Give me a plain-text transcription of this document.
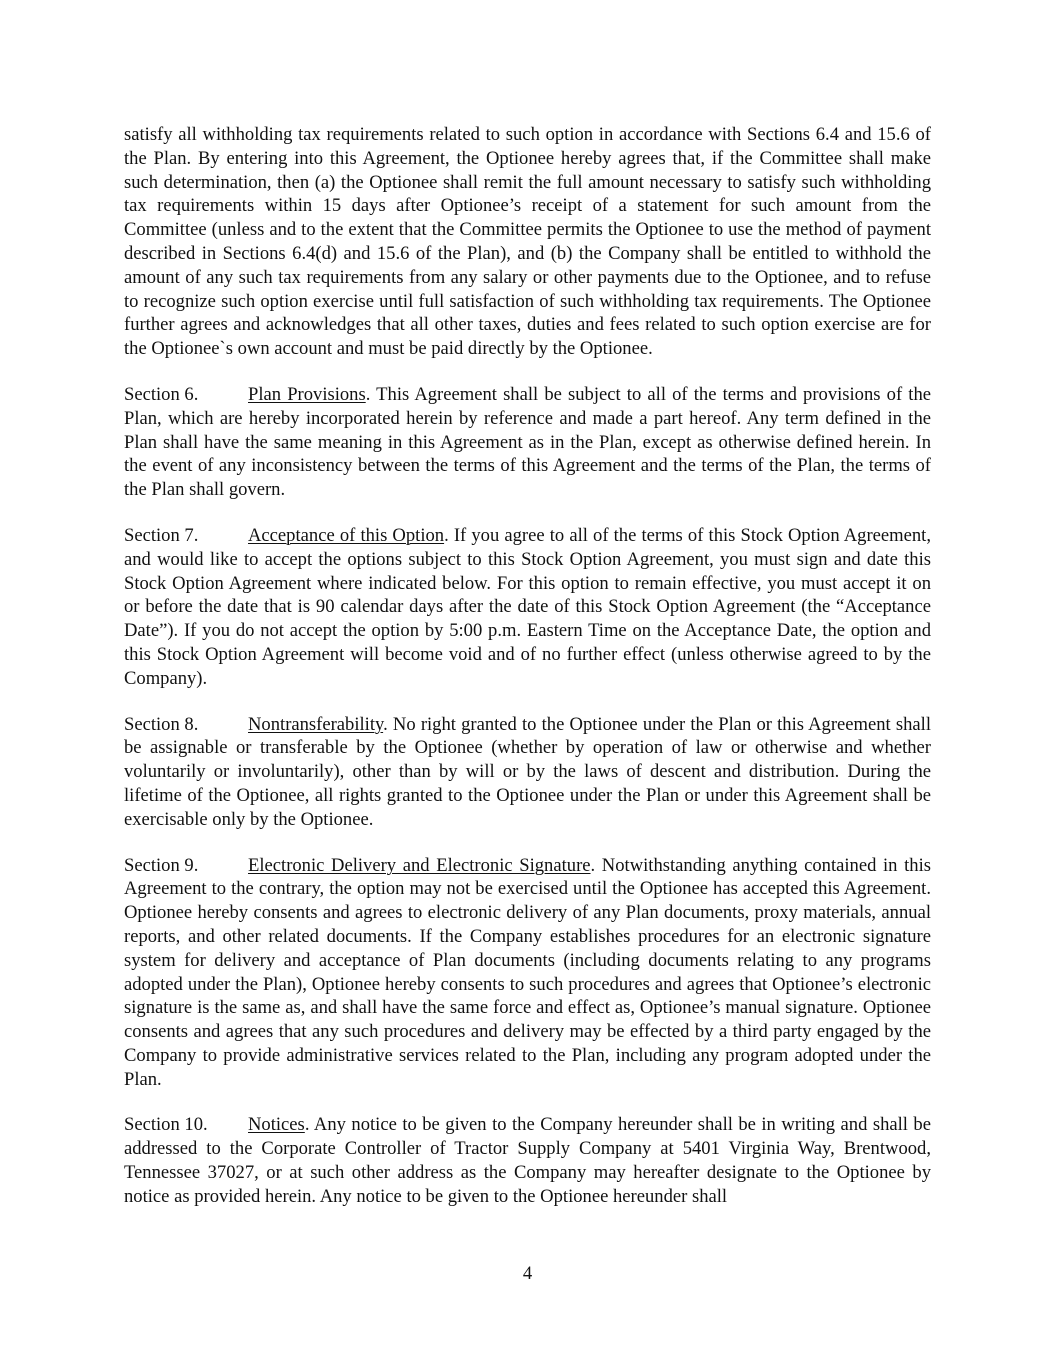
satisfy all withholding tax requirements related to such option in accordance with Sections 6.4 and 15.6 of the Plan. By entering into this Agreement, the Optionee hereby agrees that, if the Committee shall make such determination, then (a) the Optionee shall remit the full amount necessary to satisfy such withholding tax requirements within 15 days after Optionee’s receipt of a statement for such amount from the Committee (unless and to the extent that the Committee permits the Optionee to use the method of payment described in Sections 6.4(d) and 15.6 of the Plan), and (b) the Company shall be entitled to withhold the amount of any such tax requirements from any salary or other payments due to the Optionee, and to refuse to recognize such option exercise until full satisfaction of such withholding tax requirements. The Optionee further agrees and acknowledges that all other taxes, duties and fees related to such option exercise are for the Optionee`s own account and must be paid directly by the Optionee.

Section 6.	Plan Provisions. This Agreement shall be subject to all of the terms and provisions of the Plan, which are hereby incorporated herein by reference and made a part hereof. Any term defined in the Plan shall have the same meaning in this Agreement as in the Plan, except as otherwise defined herein. In the event of any inconsistency between the terms of this Agreement and the terms of the Plan, the terms of the Plan shall govern.

Section 7.	Acceptance of this Option. If you agree to all of the terms of this Stock Option Agreement, and would like to accept the options subject to this Stock Option Agreement, you must sign and date this Stock Option Agreement where indicated below. For this option to remain effective, you must accept it on or before the date that is 90 calendar days after the date of this Stock Option Agreement (the “Acceptance Date”). If you do not accept the option by 5:00 p.m. Eastern Time on the Acceptance Date, the option and this Stock Option Agreement will become void and of no further effect (unless otherwise agreed to by the Company).

Section 8.	Nontransferability. No right granted to the Optionee under the Plan or this Agreement shall be assignable or transferable by the Optionee (whether by operation of law or otherwise and whether voluntarily or involuntarily), other than by will or by the laws of descent and distribution. During the lifetime of the Optionee, all rights granted to the Optionee under the Plan or under this Agreement shall be exercisable only by the Optionee.

Section 9.	Electronic Delivery and Electronic Signature. Notwithstanding anything contained in this Agreement to the contrary, the option may not be exercised until the Optionee has accepted this Agreement. Optionee hereby consents and agrees to electronic delivery of any Plan documents, proxy materials, annual reports, and other related documents. If the Company establishes procedures for an electronic signature system for delivery and acceptance of Plan documents (including documents relating to any programs adopted under the Plan), Optionee hereby consents to such procedures and agrees that Optionee’s electronic signature is the same as, and shall have the same force and effect as, Optionee’s manual signature. Optionee consents and agrees that any such procedures and delivery may be effected by a third party engaged by the Company to provide administrative services related to the Plan, including any program adopted under the Plan.

Section 10. Notices. Any notice to be given to the Company hereunder shall be in writing and shall be addressed to the Corporate Controller of Tractor Supply Company at 5401 Virginia Way, Brentwood, Tennessee 37027, or at such other address as the Company may hereafter designate to the Optionee by notice as provided herein. Any notice to be given to the Optionee hereunder shall

4
